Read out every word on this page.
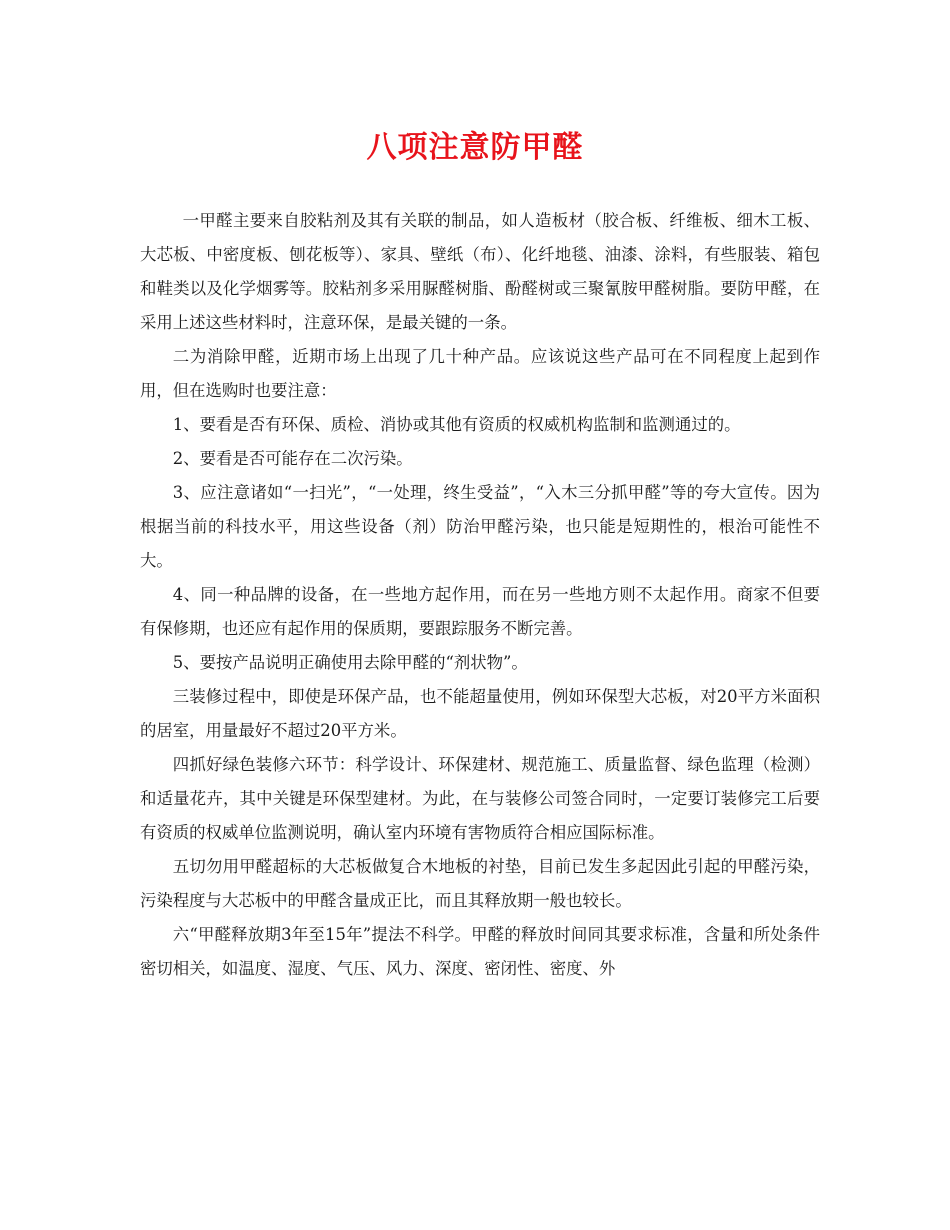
八项注意防甲醛

一甲醛主要来自胶粘剂及其有关联的制品，如人造板材（胶合板、纤维板、细木工板、大芯板、中密度板、刨花板等）、家具、壁纸（布）、化纤地毯、油漆、涂料，有些服装、箱包和鞋类以及化学烟雾等。胶粘剂多采用脲醛树脂、酚醛树或三聚氰胺甲醛树脂。要防甲醛，在采用上述这些材料时，注意环保，是最关键的一条。

二为消除甲醛，近期市场上出现了几十种产品。应该说这些产品可在不同程度上起到作用，但在选购时也要注意：

1、要看是否有环保、质检、消协或其他有资质的权威机构监制和监测通过的。

2、要看是否可能存在二次污染。

3、应注意诸如“一扫光”，“一处理，终生受益”，“入木三分抓甲醛”等的夸大宣传。因为根据当前的科技水平，用这些设备（剂）防治甲醛污染，也只能是短期性的，根治可能性不大。

4、同一种品牌的设备，在一些地方起作用，而在另一些地方则不太起作用。商家不但要有保修期，也还应有起作用的保质期，要跟踪服务不断完善。

5、要按产品说明正确使用去除甲醛的“剂状物”。

三装修过程中，即使是环保产品，也不能超量使用，例如环保型大芯板，对20平方米面积的居室，用量最好不超过20平方米。

四抓好绿色装修六环节：科学设计、环保建材、规范施工、质量监督、绿色监理（检测）和适量花卉，其中关键是环保型建材。为此，在与装修公司签合同时，一定要订装修完工后要有资质的权威单位监测说明，确认室内环境有害物质符合相应国际标准。

五切勿用甲醛超标的大芯板做复合木地板的衬垫，目前已发生多起因此引起的甲醛污染，污染程度与大芯板中的甲醛含量成正比，而且其释放期一般也较长。

六“甲醛释放期3年至15年”提法不科学。甲醛的释放时间同其要求标准，含量和所处条件密切相关，如温度、湿度、气压、风力、深度、密闭性、密度、外
